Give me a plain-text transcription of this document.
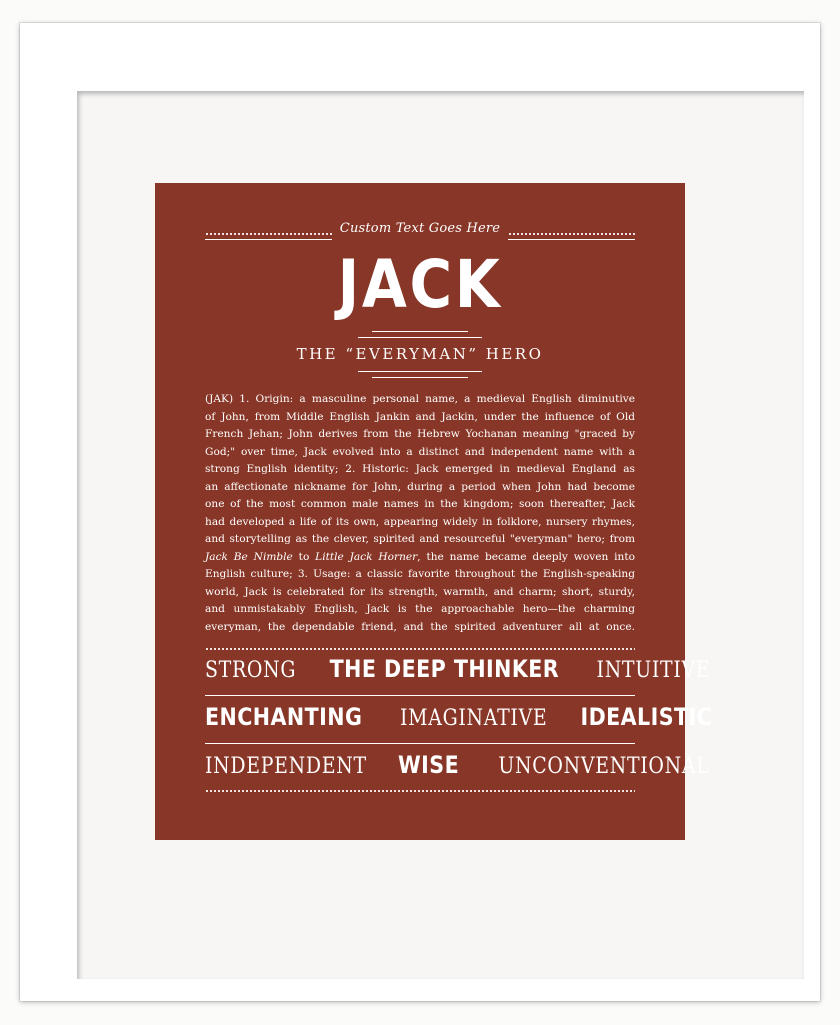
Custom Text Goes Here
JACK
THE “EVERYMAN” HERO
(JAK) 1. Origin: a masculine personal name, a medieval English diminutive
of John, from Middle English Jankin and Jackin, under the influence of Old
French Jehan; John derives from the Hebrew Yochanan meaning "graced by
God;" over time, Jack evolved into a distinct and independent name with a
strong English identity; 2. Historic: Jack emerged in medieval England as
an affectionate nickname for John, during a period when John had become
one of the most common male names in the kingdom; soon thereafter, Jack
had developed a life of its own, appearing widely in folklore, nursery rhymes,
and storytelling as the clever, spirited and resourceful "everyman" hero; from
Jack Be Nimble to Little Jack Horner, the name became deeply woven into
English culture; 3. Usage: a classic favorite throughout the English-speaking
world, Jack is celebrated for its strength, warmth, and charm; short, sturdy,
and unmistakably English, Jack is the approachable hero—the charming
everyman, the dependable friend, and the spirited adventurer all at once.
STRONG THE DEEP THINKER INTUITIVE
ENCHANTING IMAGINATIVE IDEALISTIC
INDEPENDENT WISE UNCONVENTIONAL
